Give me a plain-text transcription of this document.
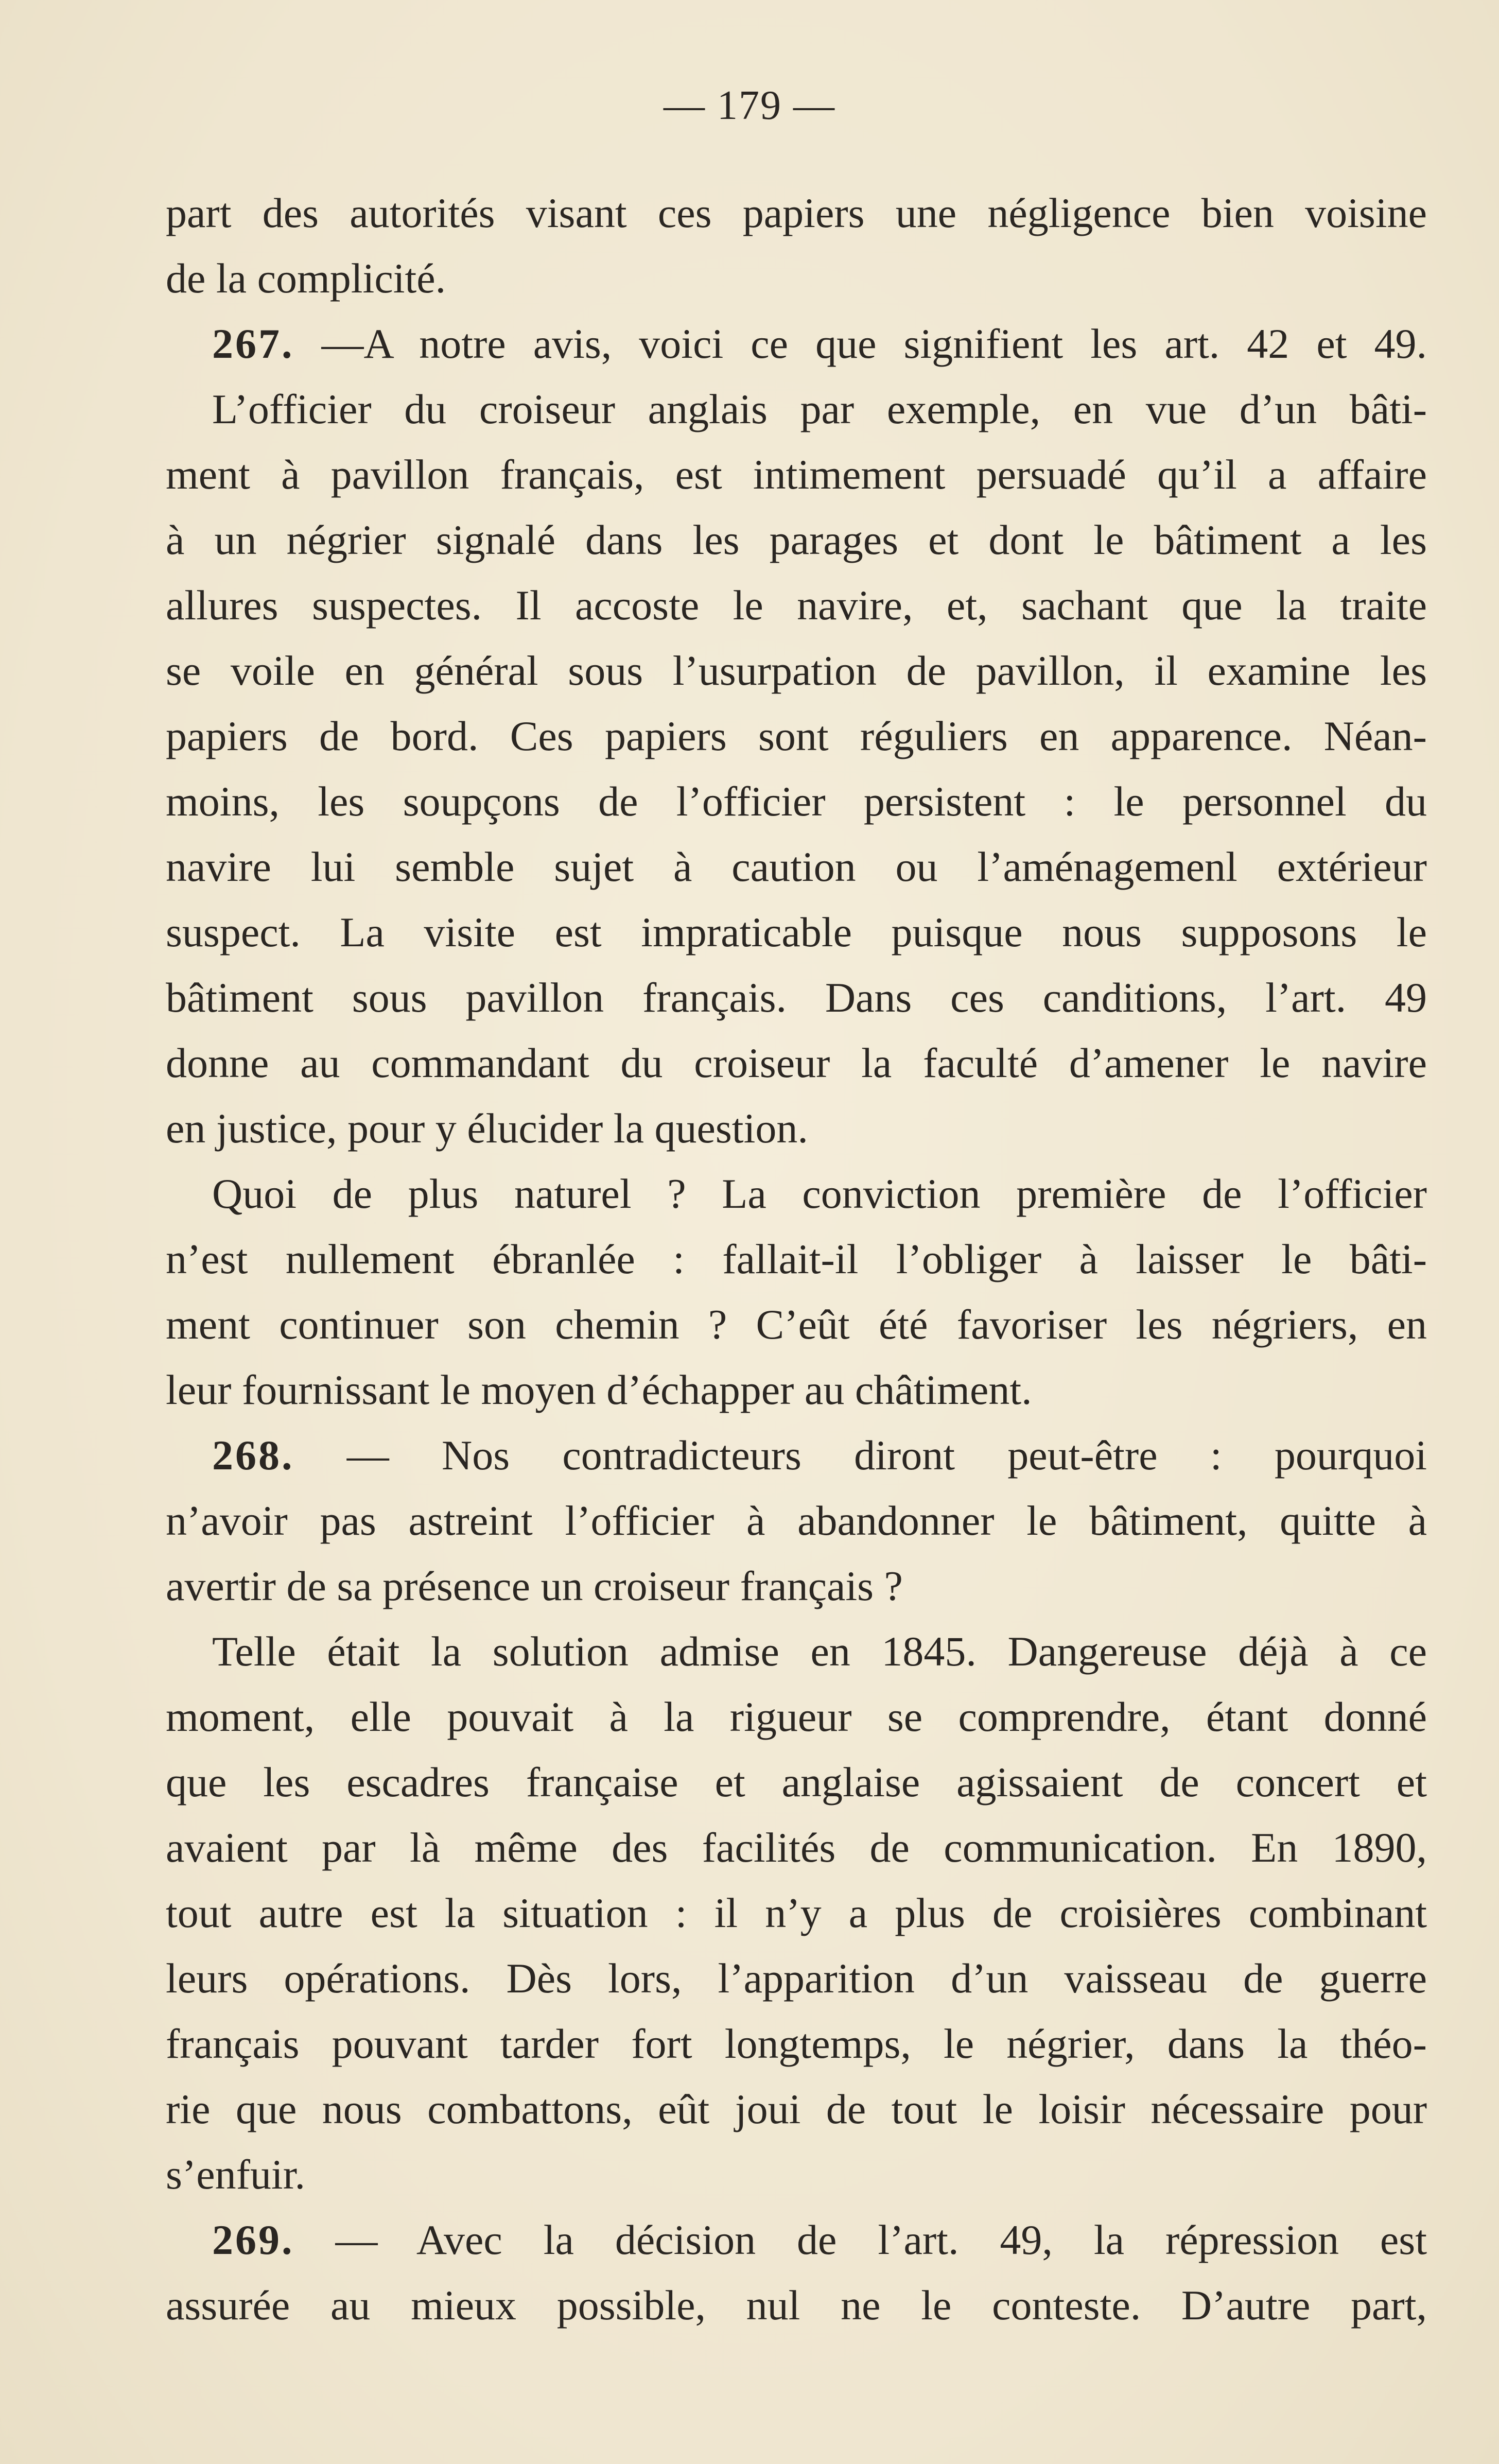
— 179 —
part des autorités visant ces papiers une négligence bien voisine
de la complicité.
267. —A notre avis, voici ce que signifient les art. 42 et 49.
L’officier du croiseur anglais par exemple, en vue d’un bâti-
ment à pavillon français, est intimement persuadé qu’il a affaire
à un négrier signalé dans les parages et dont le bâtiment a les
allures suspectes. Il accoste le navire, et, sachant que la traite
se voile en général sous l’usurpation de pavillon, il examine les
papiers de bord. Ces papiers sont réguliers en apparence. Néan-
moins, les soupçons de l’officier persistent : le personnel du
navire lui semble sujet à caution ou l’aménagemenl extérieur
suspect. La visite est impraticable puisque nous supposons le
bâtiment sous pavillon français. Dans ces canditions, l’art. 49
donne au commandant du croiseur la faculté d’amener le navire
en justice, pour y élucider la question.
Quoi de plus naturel ? La conviction première de l’officier
n’est nullement ébranlée : fallait-il l’obliger à laisser le bâti-
ment continuer son chemin ? C’eût été favoriser les négriers, en
leur fournissant le moyen d’échapper au châtiment.
268. — Nos contradicteurs diront peut-être : pourquoi
n’avoir pas astreint l’officier à abandonner le bâtiment, quitte à
avertir de sa présence un croiseur français ?
Telle était la solution admise en 1845. Dangereuse déjà à ce
moment, elle pouvait à la rigueur se comprendre, étant donné
que les escadres française et anglaise agissaient de concert et
avaient par là même des facilités de communication. En 1890,
tout autre est la situation : il n’y a plus de croisières combinant
leurs opérations. Dès lors, l’apparition d’un vaisseau de guerre
français pouvant tarder fort longtemps, le négrier, dans la théo-
rie que nous combattons, eût joui de tout le loisir nécessaire pour
s’enfuir.
269. — Avec la décision de l’art. 49, la répression est
assurée au mieux possible, nul ne le conteste. D’autre part,
